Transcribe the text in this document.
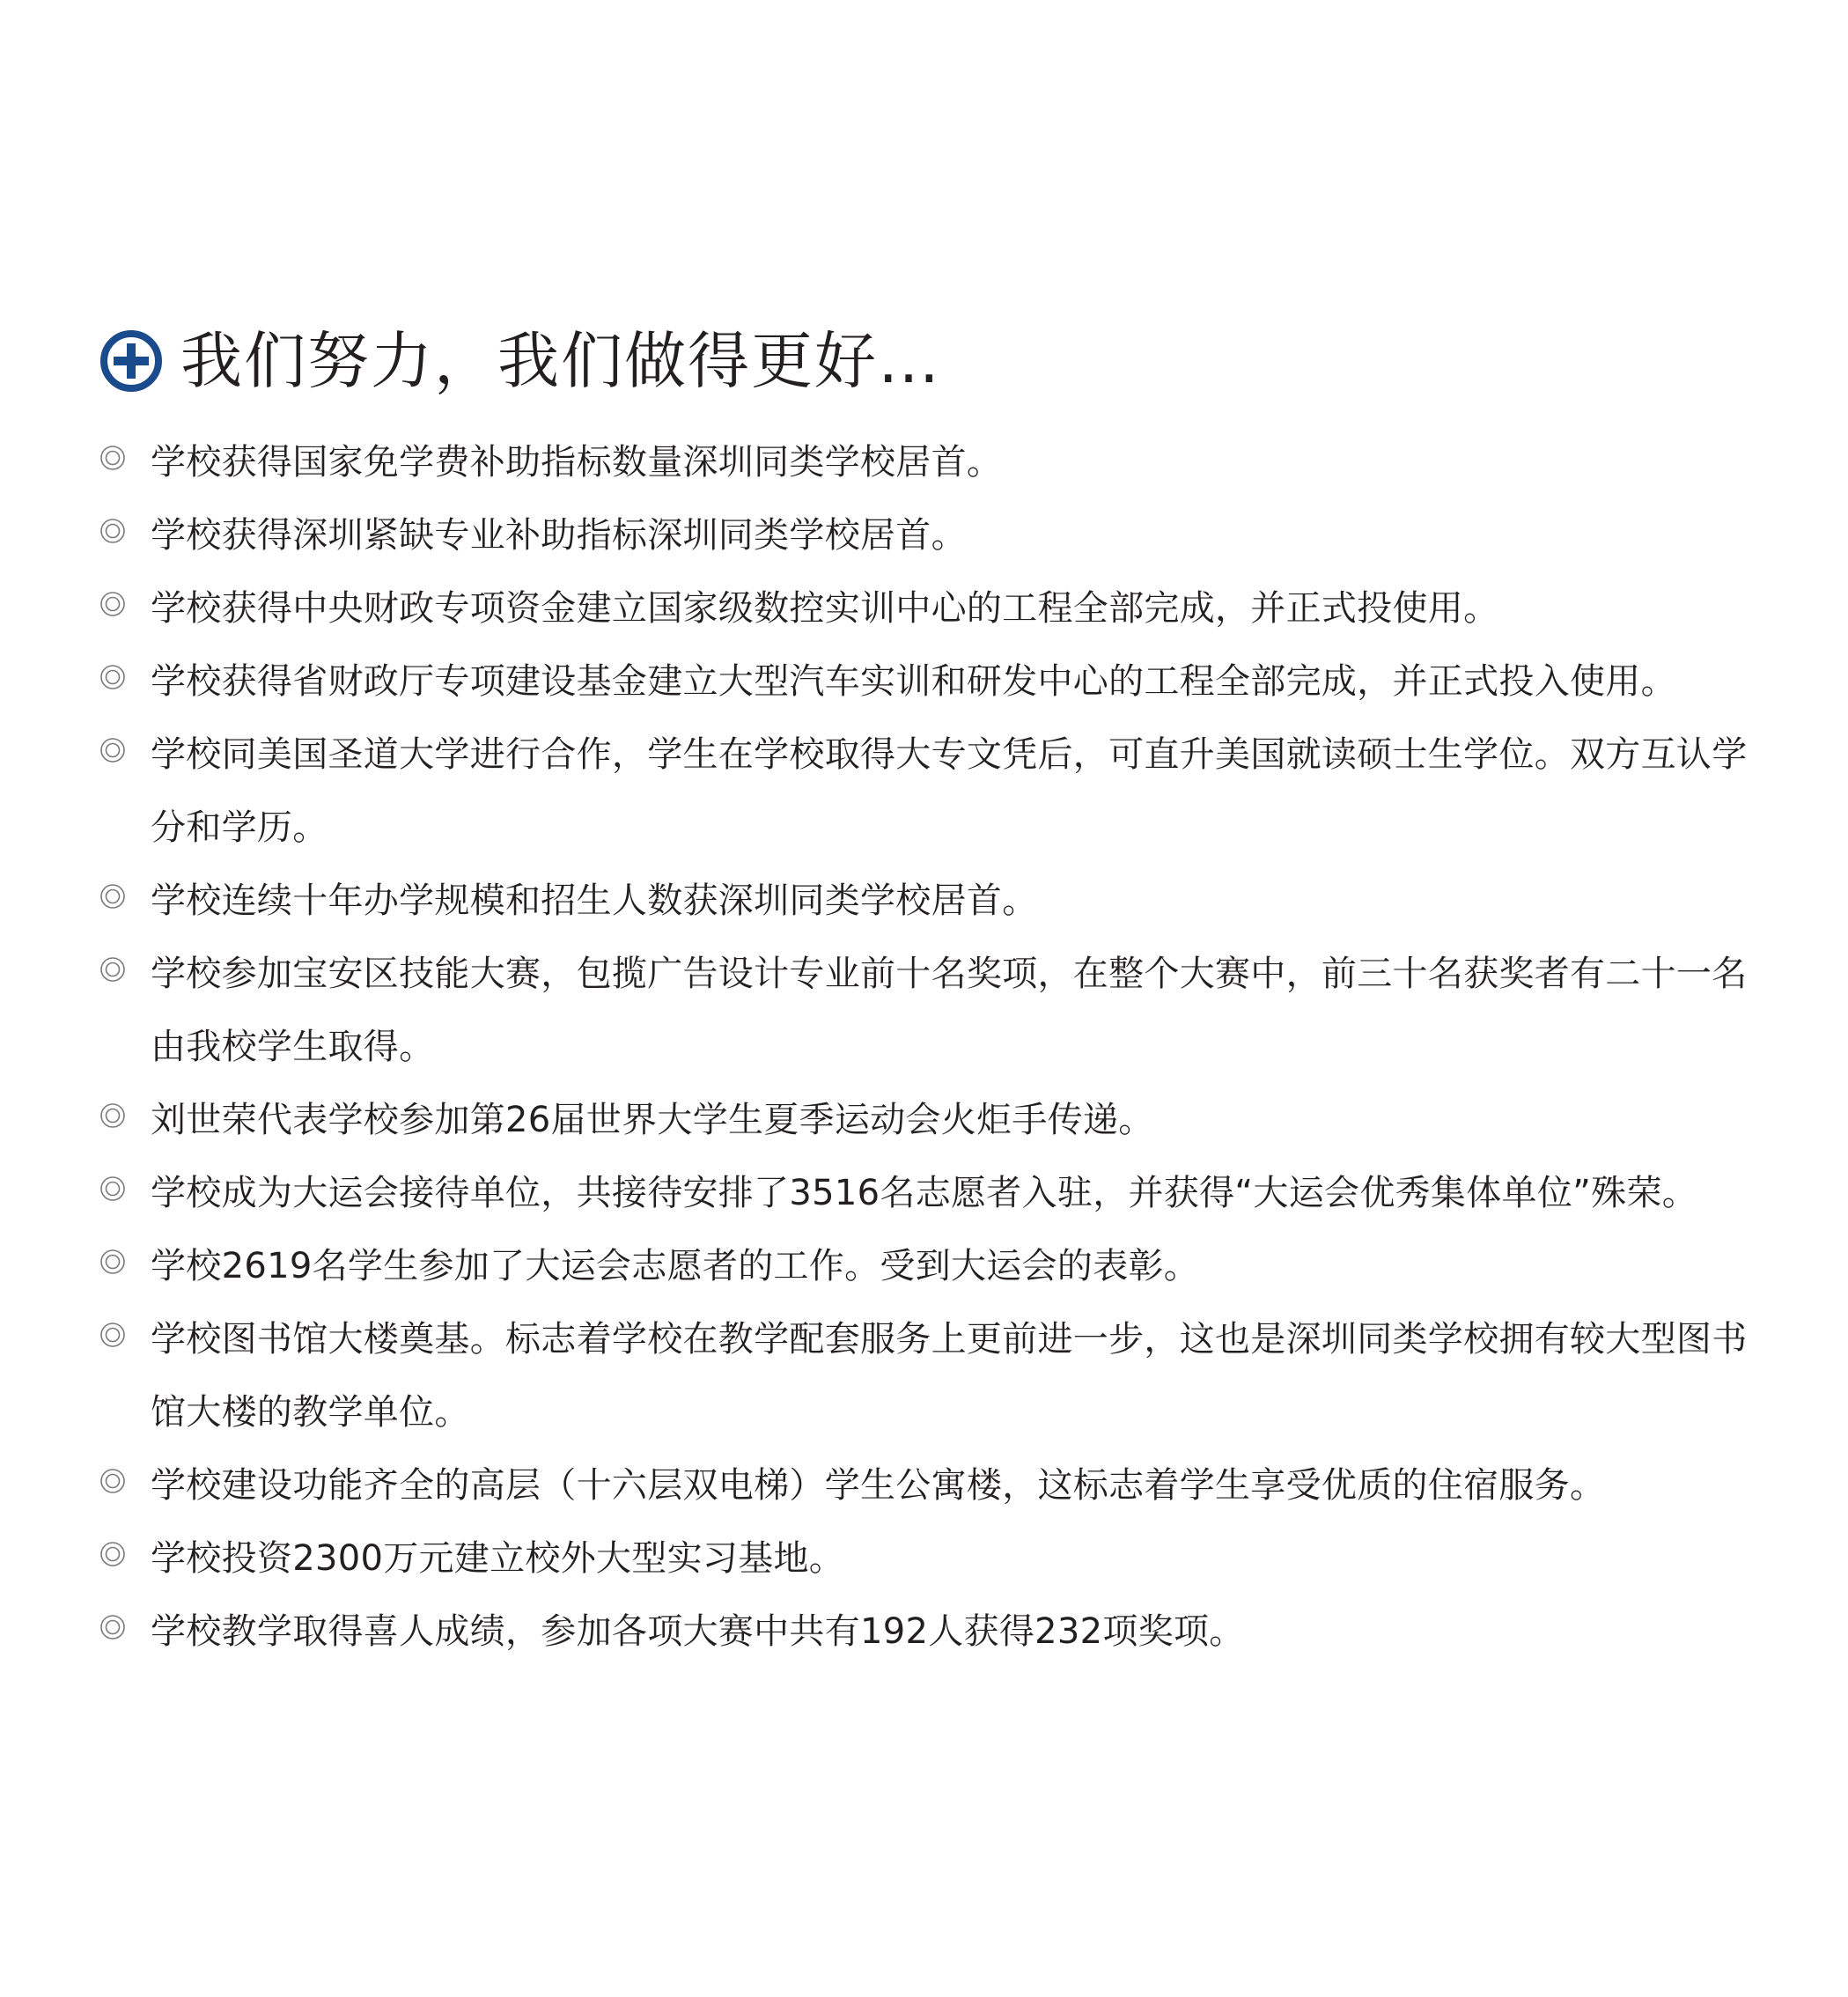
我们努力，我们做得更好…
学校获得国家免学费补助指标数量深圳同类学校居首。
学校获得深圳紧缺专业补助指标深圳同类学校居首。
学校获得中央财政专项资金建立国家级数控实训中心的工程全部完成，并正式投使用。
学校获得省财政厅专项建设基金建立大型汽车实训和研发中心的工程全部完成，并正式投入使用。
学校同美国圣道大学进行合作，学生在学校取得大专文凭后，可直升美国就读硕士生学位。双方互认学分和学历。
学校连续十年办学规模和招生人数获深圳同类学校居首。
学校参加宝安区技能大赛，包揽广告设计专业前十名奖项，在整个大赛中，前三十名获奖者有二十一名由我校学生取得。
刘世荣代表学校参加第26届世界大学生夏季运动会火炬手传递。
学校成为大运会接待单位，共接待安排了3516名志愿者入驻，并获得“大运会优秀集体单位”殊荣。
学校2619名学生参加了大运会志愿者的工作。受到大运会的表彰。
学校图书馆大楼奠基。标志着学校在教学配套服务上更前进一步，这也是深圳同类学校拥有较大型图书馆大楼的教学单位。
学校建设功能齐全的高层（十六层双电梯）学生公寓楼，这标志着学生享受优质的住宿服务。
学校投资2300万元建立校外大型实习基地。
学校教学取得喜人成绩，参加各项大赛中共有192人获得232项奖项。
